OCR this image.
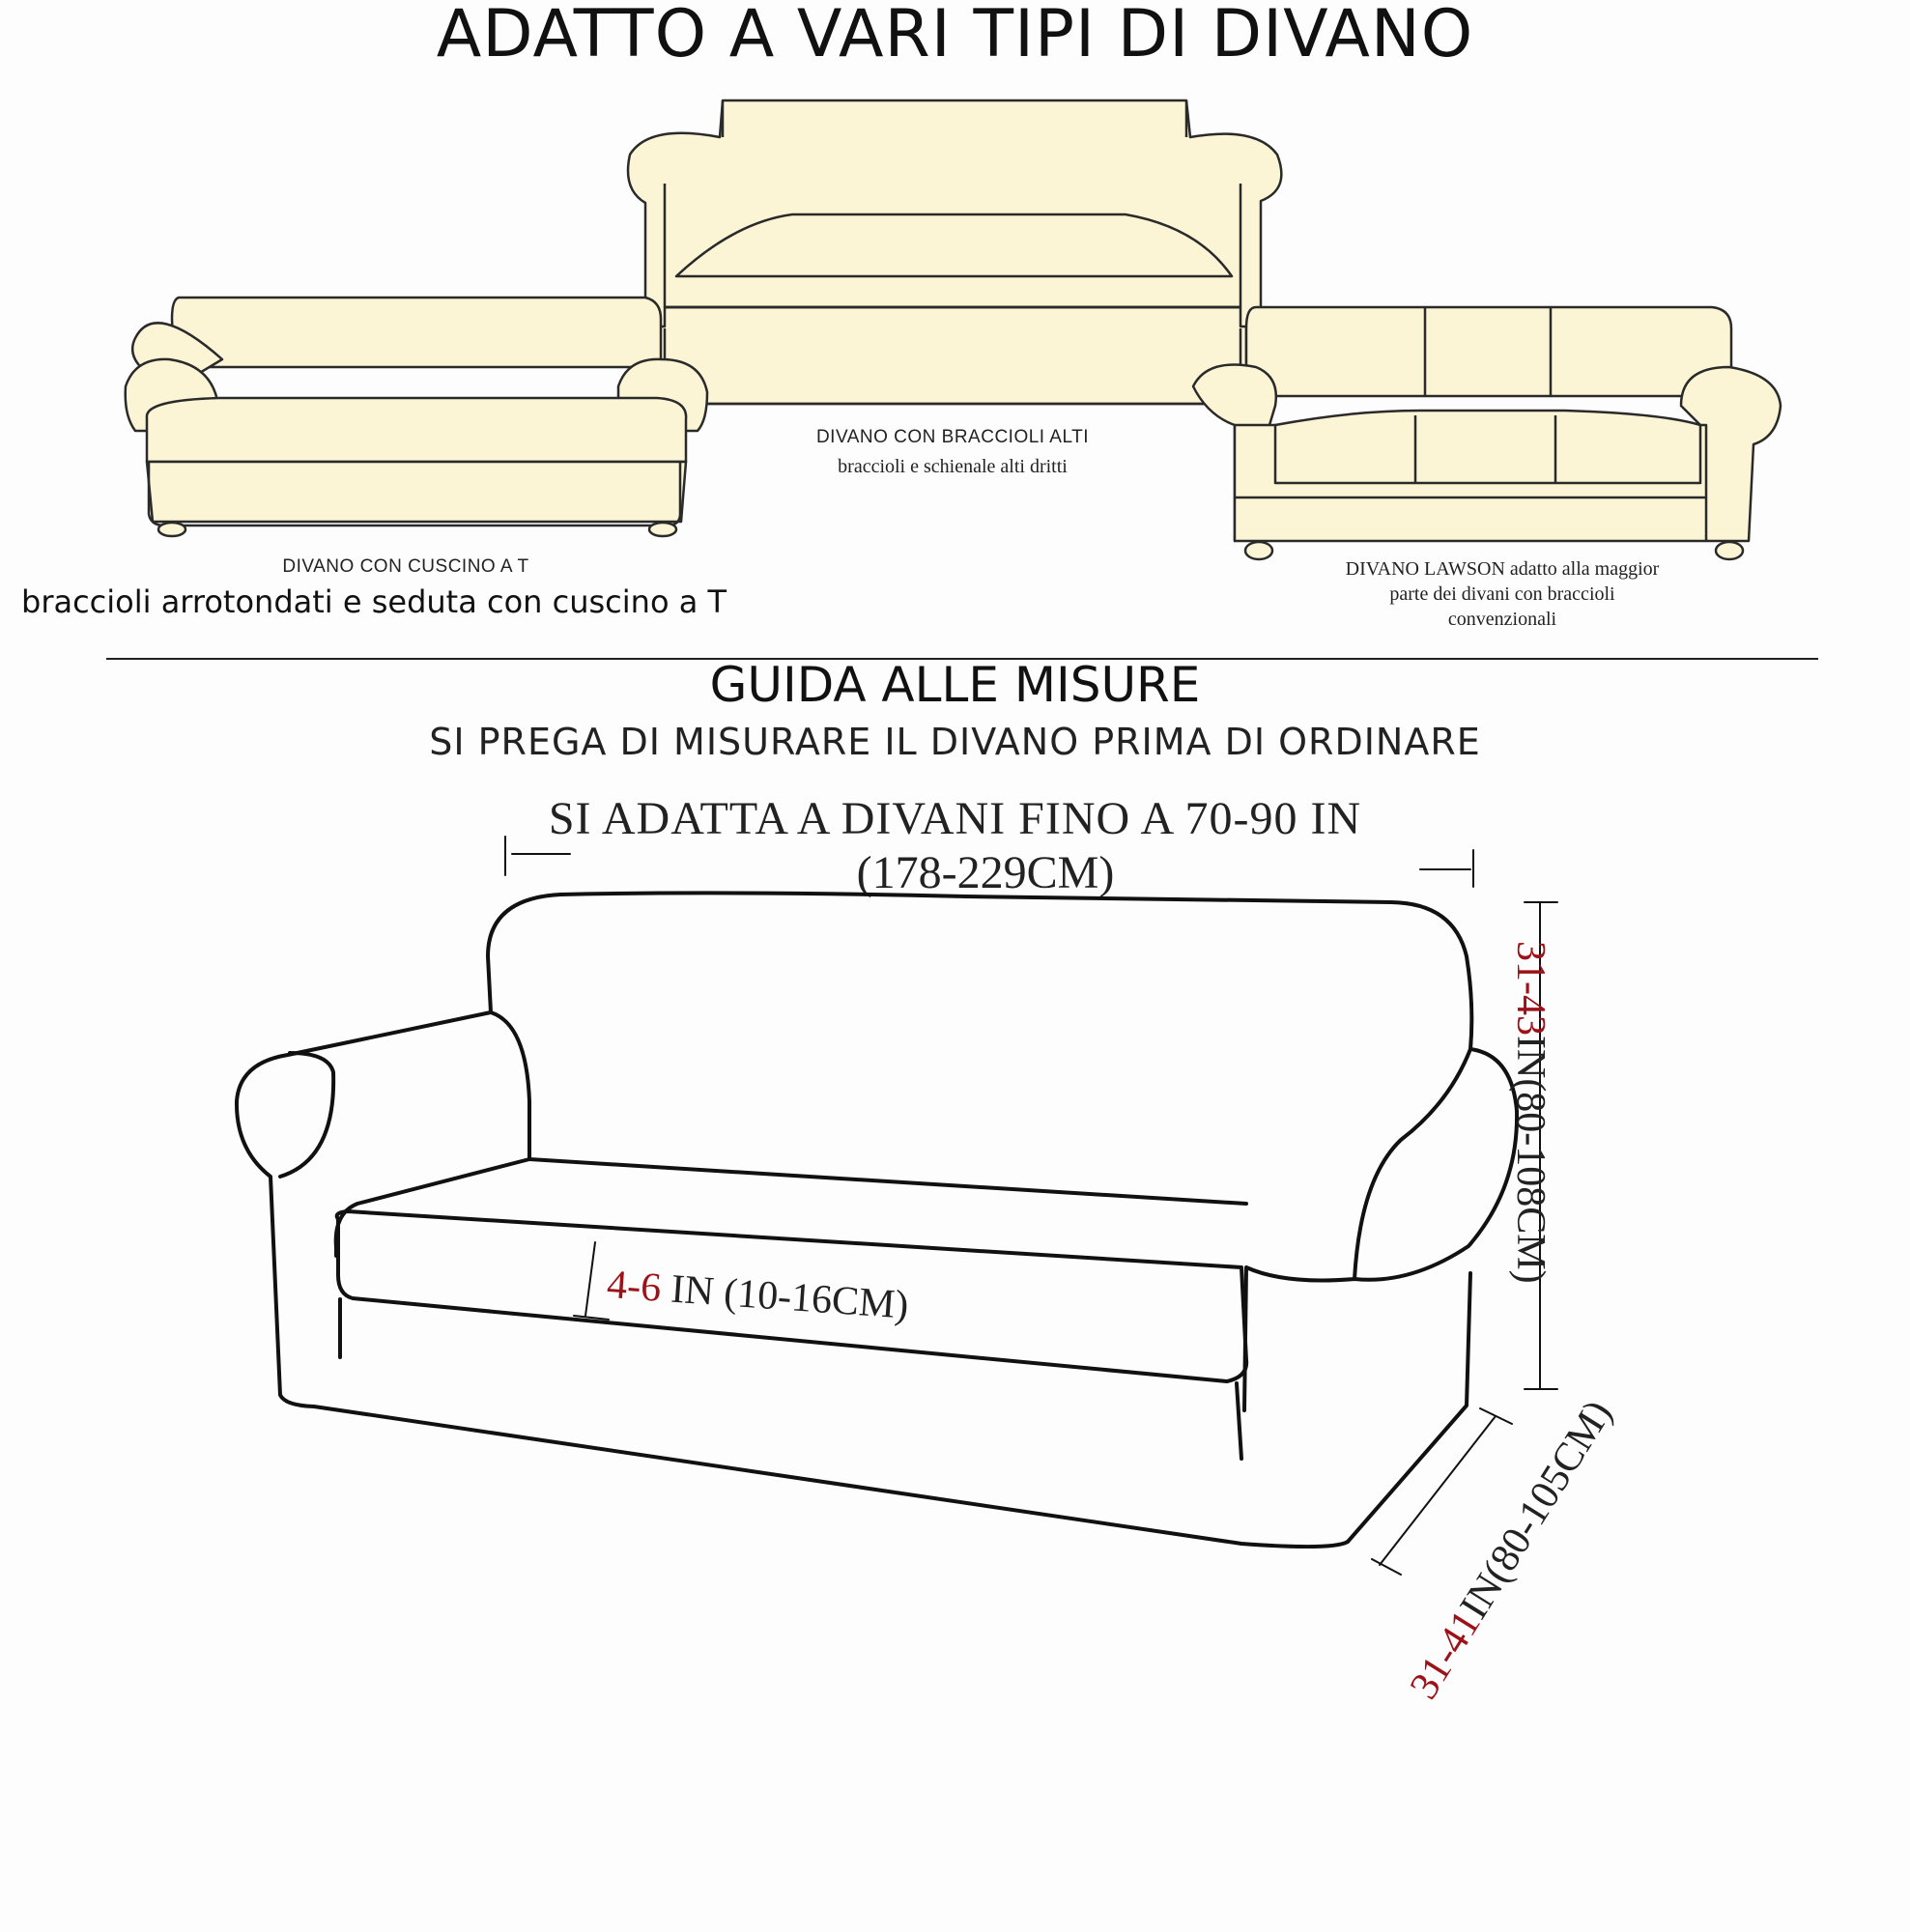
ADATTO A VARI TIPI DI DIVANO
DIVANO CON CUSCINO A T
braccioli arrotondati e seduta con cuscino a T
DIVANO CON BRACCIOLI ALTI
braccioli e schienale alti dritti
DIVANO LAWSON adatto alla maggior
parte dei divani con braccioli
convenzionali
GUIDA ALLE MISURE
SI PREGA DI MISURARE IL DIVANO PRIMA DI ORDINARE
SI ADATTA A DIVANI FINO A 70-90 IN
(178-229CM)
4-6 IN (10-16CM)
31-43IN(80-108CM)
31-41IN(80-105CM)
